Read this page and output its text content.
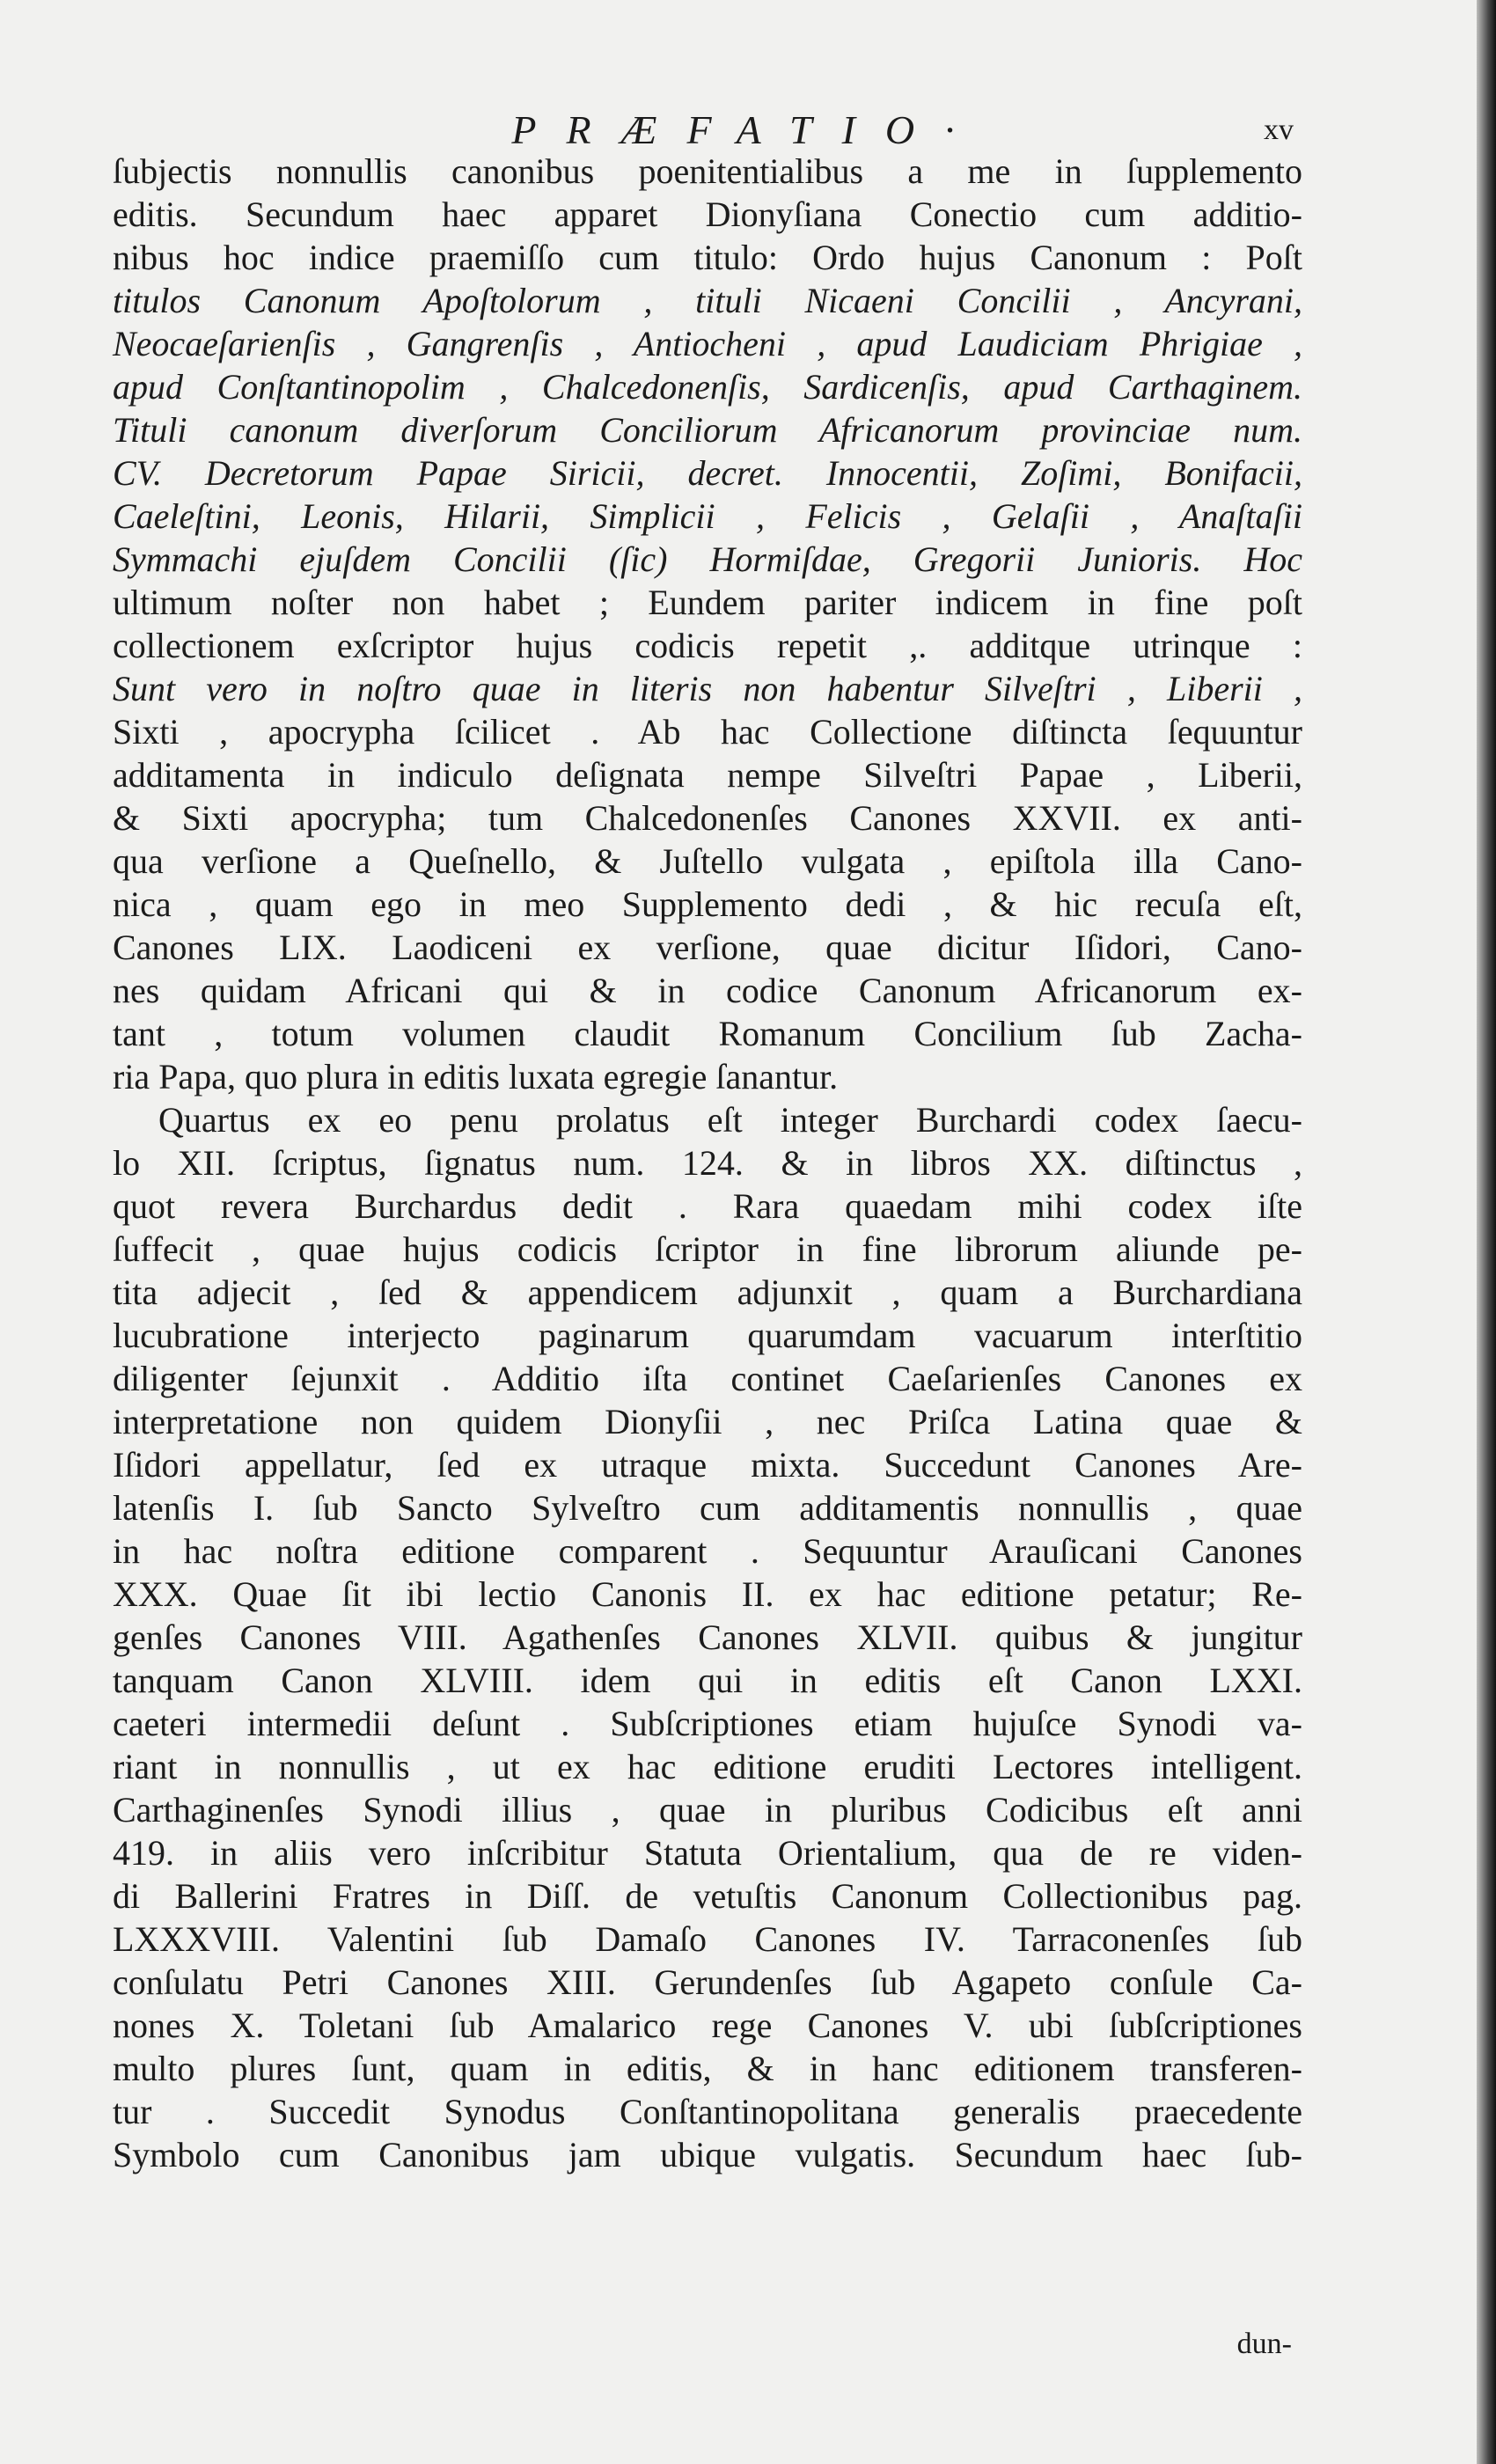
PRÆFATIO·	xv
ſubjectis nonnullis canonibus poenitentialibus a me in ſupplemento
editis. Secundum haec apparet Dionyſiana Conectio cum additio-
nibus hoc indice praemiſſo cum titulo: Ordo hujus Canonum : Poſt
titulos Canonum Apoſtolorum , tituli Nicaeni Concilii , Ancyrani,
Neocaeſarienſis , Gangrenſis , Antiocheni , apud Laudiciam Phrigiae ,
apud Conſtantinopolim , Chalcedonenſis, Sardicenſis, apud Carthaginem.
Tituli canonum diverſorum Conciliorum Africanorum provinciae num.
CV. Decretorum Papae Siricii, decret. Innocentii, Zoſimi, Bonifacii,
Caeleſtini, Leonis, Hilarii, Simplicii , Felicis , Gelaſii , Anaſtaſii
Symmachi ejuſdem Concilii (ſic) Hormiſdae, Gregorii Junioris. Hoc
ultimum noſter non habet ; Eundem pariter indicem in fine poſt
collectionem exſcriptor hujus codicis repetit ,. additque utrinque :
Sunt vero in noſtro quae in literis non habentur Silveſtri , Liberii ,
Sixti , apocrypha ſcilicet . Ab hac Collectione diſtincta ſequuntur
additamenta in indiculo deſignata nempe Silveſtri Papae , Liberii,
& Sixti apocrypha; tum Chalcedonenſes Canones XXVII. ex anti-
qua verſione a Queſnello, & Juſtello vulgata , epiſtola illa Cano-
nica , quam ego in meo Supplemento dedi , & hic recuſa eſt,
Canones LIX. Laodiceni ex verſione, quae dicitur Iſidori, Cano-
nes quidam Africani qui & in codice Canonum Africanorum ex-
tant , totum volumen claudit Romanum Concilium ſub Zacha-
ria Papa, quo plura in editis luxata egregie ſanantur.
Quartus ex eo penu prolatus eſt integer Burchardi codex ſaecu-
lo XII. ſcriptus, ſignatus num. 124. & in libros XX. diſtinctus ,
quot revera Burchardus dedit . Rara quaedam mihi codex iſte
ſuffecit , quae hujus codicis ſcriptor in fine librorum aliunde pe-
tita adjecit , ſed & appendicem adjunxit , quam a Burchardiana
lucubratione interjecto paginarum quarumdam vacuarum interſtitio
diligenter ſejunxit . Additio iſta continet Caeſarienſes Canones ex
interpretatione non quidem Dionyſii , nec Priſca Latina quae &
Iſidori appellatur, ſed ex utraque mixta. Succedunt Canones Are-
latenſis I. ſub Sancto Sylveſtro cum additamentis nonnullis , quae
in hac noſtra editione comparent . Sequuntur Arauſicani Canones
XXX. Quae ſit ibi lectio Canonis II. ex hac editione petatur; Re-
genſes Canones VIII. Agathenſes Canones XLVII. quibus & jungitur
tanquam Canon XLVIII. idem qui in editis eſt Canon LXXI.
caeteri intermedii deſunt . Subſcriptiones etiam hujuſce Synodi va-
riant in nonnullis , ut ex hac editione eruditi Lectores intelligent.
Carthaginenſes Synodi illius , quae in pluribus Codicibus eſt anni
419. in aliis vero inſcribitur Statuta Orientalium, qua de re viden-
di Ballerini Fratres in Diſſ. de vetuſtis Canonum Collectionibus pag.
LXXXVIII. Valentini ſub Damaſo Canones IV. Tarraconenſes ſub
conſulatu Petri Canones XIII. Gerundenſes ſub Agapeto conſule Ca-
nones X. Toletani ſub Amalarico rege Canones V. ubi ſubſcriptiones
multo plures ſunt, quam in editis, & in hanc editionem transferen-
tur . Succedit Synodus Conſtantinopolitana generalis praecedente
Symbolo cum Canonibus jam ubique vulgatis. Secundum haec ſub-
dun-
